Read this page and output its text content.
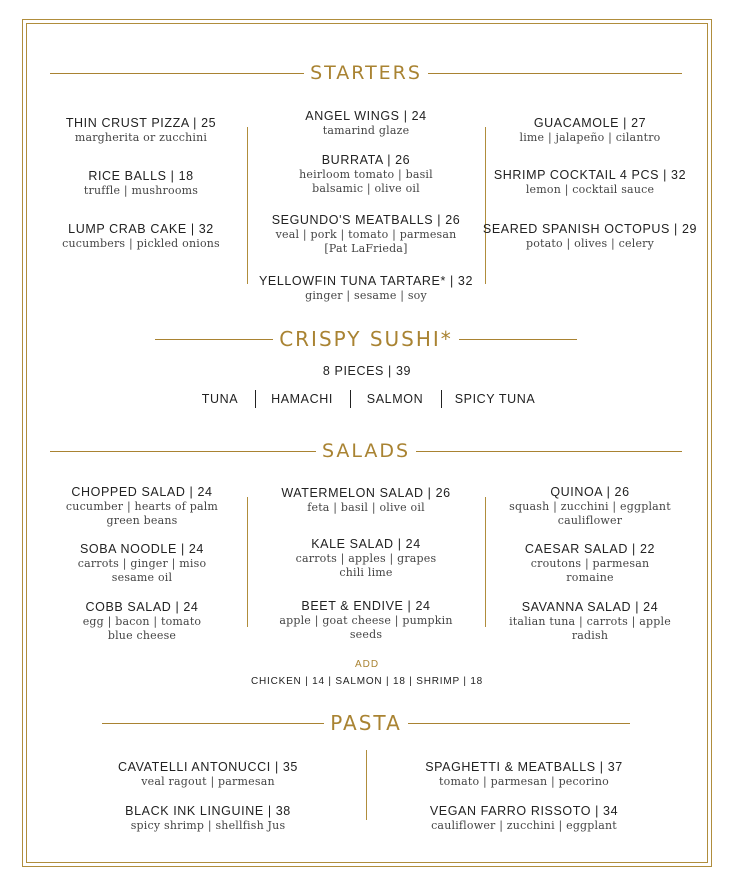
STARTERS
THIN CRUST PIZZA | 25
margherita or zucchini
RICE BALLS | 18
truffle | mushrooms
LUMP CRAB CAKE | 32
cucumbers | pickled onions
ANGEL WINGS | 24
tamarind glaze
BURRATA | 26
heirloom tomato | basil
balsamic | olive oil
SEGUNDO'S MEATBALLS | 26
veal | pork | tomato | parmesan
[Pat LaFrieda]
YELLOWFIN TUNA TARTARE* | 32
ginger | sesame | soy
GUACAMOLE | 27
lime | jalapeño | cilantro
SHRIMP COCKTAIL 4 PCS | 32
lemon | cocktail sauce
SEARED SPANISH OCTOPUS | 29
potato | olives | celery
CRISPY SUSHI*
8 PIECES | 39
TUNA	HAMACHI	SALMON	SPICY TUNA
SALADS
CHOPPED SALAD | 24
cucumber | hearts of palm
green beans
SOBA NOODLE | 24
carrots | ginger | miso
sesame oil
COBB SALAD | 24
egg | bacon | tomato
blue cheese
WATERMELON SALAD | 26
feta | basil | olive oil
KALE SALAD | 24
carrots | apples | grapes
chili lime
BEET & ENDIVE | 24
apple | goat cheese | pumpkin
seeds
QUINOA | 26
squash | zucchini | eggplant
cauliflower
CAESAR SALAD | 22
croutons | parmesan
romaine
SAVANNA SALAD | 24
italian tuna | carrots | apple
radish
ADD
CHICKEN | 14 | SALMON | 18 | SHRIMP | 18
PASTA
CAVATELLI ANTONUCCI | 35
veal ragout | parmesan
BLACK INK LINGUINE | 38
spicy shrimp | shellfish Jus
SPAGHETTI & MEATBALLS | 37
tomato | parmesan | pecorino
VEGAN FARRO RISSOTO | 34
cauliflower | zucchini | eggplant
